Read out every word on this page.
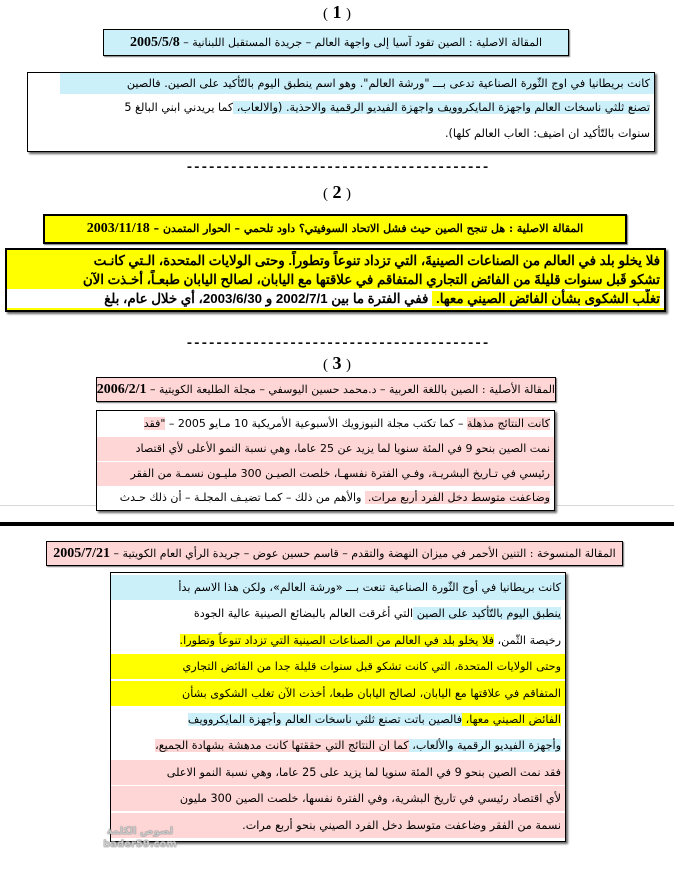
( 1 )
المقالة الاصلية : الصين تقود آسيا إلى واجهة العالم – جريدة المستقبل اللبنانية – 2005/5/8
كانت بريطانيا في اوج الثّورة الصناعية تدعى بـــ "ورشة العالم". وهو اسم ينطبق اليوم بالتّأكيد على الصين. فالصين
تصنع ثلثي ناسخات العالم واجهزة المايكروويف واجهزة الفيديو الرقمية والاحذية. (والالعاب، كما يريدني ابني البالغ 5
سنوات بالتّأكيد ان اضيف: العاب العالم كلها).
-----------------------------------------
( 2 )
المقالة الاصلية : هل تنجح الصين حيث فشل الاتحاد السوفيتي؟ داود تلحمي – الحوار المتمدن – 2003/11/18
فلا يخلو بلد في العالم من الصناعات الصينيةَ، التي تزداد تنوعاً وتطوراً. وحتى الولايات المتحدة، الـتي كانـت
تشكو قَبل سنوات قليلةَ من الفائض التجاري المتفاقم في علاقتها مع اليابان، لصالح اليابان طبعـاً، أخـذت الآن
تغلّب الشكوى بشأن الفائض الصيني معها. ففي الفترة ما بين 2002/7/1 و 2003/6/30، أي خلال عام، بلغ
-----------------------------------------
( 3 )
المقالة الأصلية : الصين باللغة العربية – د.محمد حسين اليوسفي – مجلة الطليعة الكويتية – 2006/2/1
كانت النتائج مذهلة – كما تكتب مجلة النيوزويك الأسبوعية الأمريكية 10 مـايو 2005 – "فقد
نمت الصين بنحو 9 في المئة سنويا لما يزيد عن 25 عاما، وهي نسبة النمو الأعلى لأي اقتصاد
رئيسي في تـاريخ البشريـة، وفـي الفترة نفسهـا، خلصت الصيـن 300 مليـون نسمـة من الفقر
وضاعفت متوسط دخل الفرد أربع مرات. والأهم من ذلك – كمـا تضيـف المجلـة – أن ذلك حـدث
المقالة المنسوخة : التنين الأحمر في ميزان النهضة والتقدم – قاسم حسين عوض – جريدة الرأي العام الكويتية – 2005/7/21
كانت بريطانيا في أوج الثّورة الصناعية تنعت بـــ «ورشة العالم»، ولكن هذا الاسم بدأ
ينطبق اليوم بالتّأكيد على الصين التي أغرقت العالم بالبضائع الصينية عالية الجودة
رخيصة الثّمن، فلا يخلو بلد في العالم من الصناعات الصينية التي تزداد تنوعاً وتطورا.
وحتى الولايات المتحدة، التي كانت تشكو قبل سنوات قليلة جدا من الفائض التجاري
المتفاقم في علاقتها مع اليابان، لصالح اليابان طبعا، أخذت الآن تغلب الشكوى بشأن
الفائض الصيني معها، فالصين باتت تصنع ثلثي ناسخات العالم وأجهزة المايكروويف
وأجهزة الفيديو الرقمية والألعاب، كما ان النتائج التي حققتها كانت مدهشة بشهادة الجميع،
فقد نمت الصين بنحو 9 في المئة سنويا لما يزيد على 25 عاما، وهي نسبة النمو الاعلى
لأي اقتصاد رئيسي في تاريخ البشرية، وفي الفترة نفسها، خلصت الصين 300 مليون
نسمة من الفقر وضاعفت متوسط دخل الفرد الصيني بنحو أربع مرات.
لصوص الكلمة
bader59.com
